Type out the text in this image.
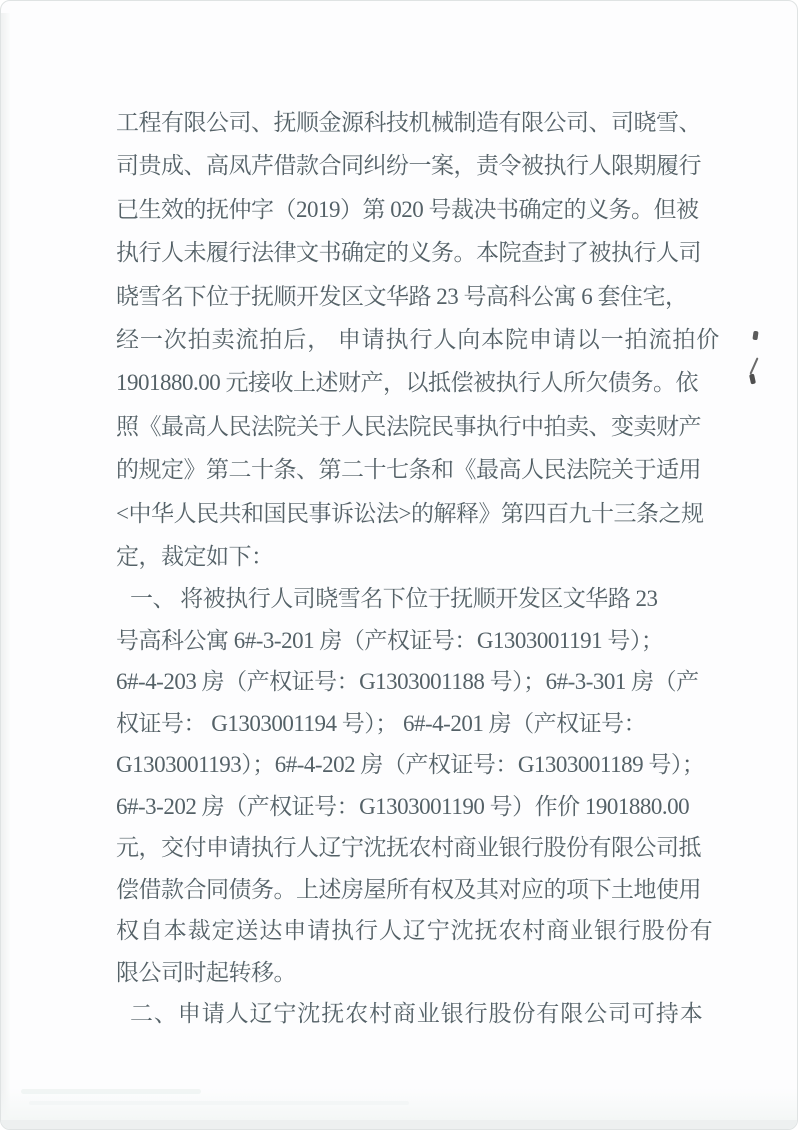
工程有限公司、抚顺金源科技机械制造有限公司、司晓雪、
司贵成、高凤芹借款合同纠纷一案，责令被执行人限期履行
已生效的抚仲字（2019）第 020 号裁决书确定的义务。但被
执行人未履行法律文书确定的义务。本院查封了被执行人司
晓雪名下位于抚顺开发区文华路 23 号高科公寓 6 套住宅，
经一次拍卖流拍后， 申请执行人向本院申请以一拍流拍价
1901880.00 元接收上述财产，以抵偿被执行人所欠债务。依
照《最高人民法院关于人民法院民事执行中拍卖、变卖财产
的规定》第二十条、第二十七条和《最高人民法院关于适用
<中华人民共和国民事诉讼法>的解释》第四百九十三条之规
定，裁定如下：
一、 将被执行人司晓雪名下位于抚顺开发区文华路 23
号高科公寓 6#-3-201 房（产权证号：G1303001191 号）；
6#-4-203 房（产权证号：G1303001188 号）；6#-3-301 房（产
权证号： G1303001194 号）； 6#-4-201 房（产权证号：
G1303001193）；6#-4-202 房（产权证号：G1303001189 号）；
6#-3-202 房（产权证号：G1303001190 号）作价 1901880.00
元，交付申请执行人辽宁沈抚农村商业银行股份有限公司抵
偿借款合同债务。上述房屋所有权及其对应的项下土地使用
权自本裁定送达申请执行人辽宁沈抚农村商业银行股份有
限公司时起转移。
二、申请人辽宁沈抚农村商业银行股份有限公司可持本
